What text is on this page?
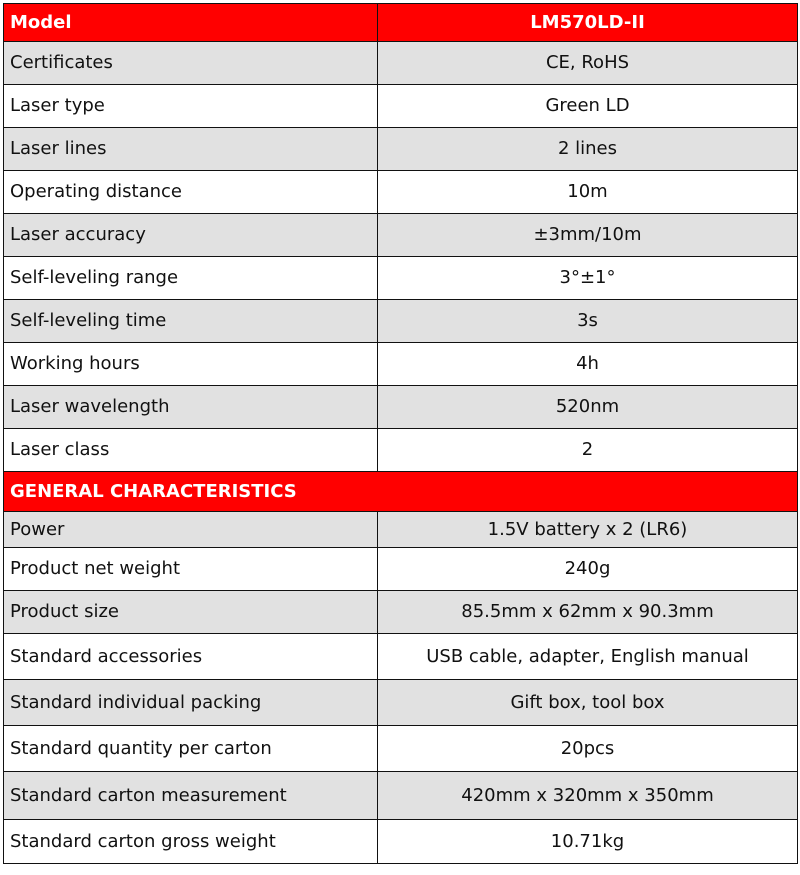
Model	LM570LD-II
Certificates	CE, RoHS
Laser type	Green LD
Laser lines	2 lines
Operating distance	10m
Laser accuracy	±3mm/10m
Self-leveling range	3°±1°
Self-leveling time	3s
Working hours	4h
Laser wavelength	520nm
Laser class	2
GENERAL CHARACTERISTICS	
Power	1.5V battery x 2 (LR6)
Product net weight	240g
Product size	85.5mm x 62mm x 90.3mm
Standard accessories	USB cable, adapter, English manual
Standard individual packing	Gift box, tool box
Standard quantity per carton	20pcs
Standard carton measurement	420mm x 320mm x 350mm
Standard carton gross weight	10.71kg
